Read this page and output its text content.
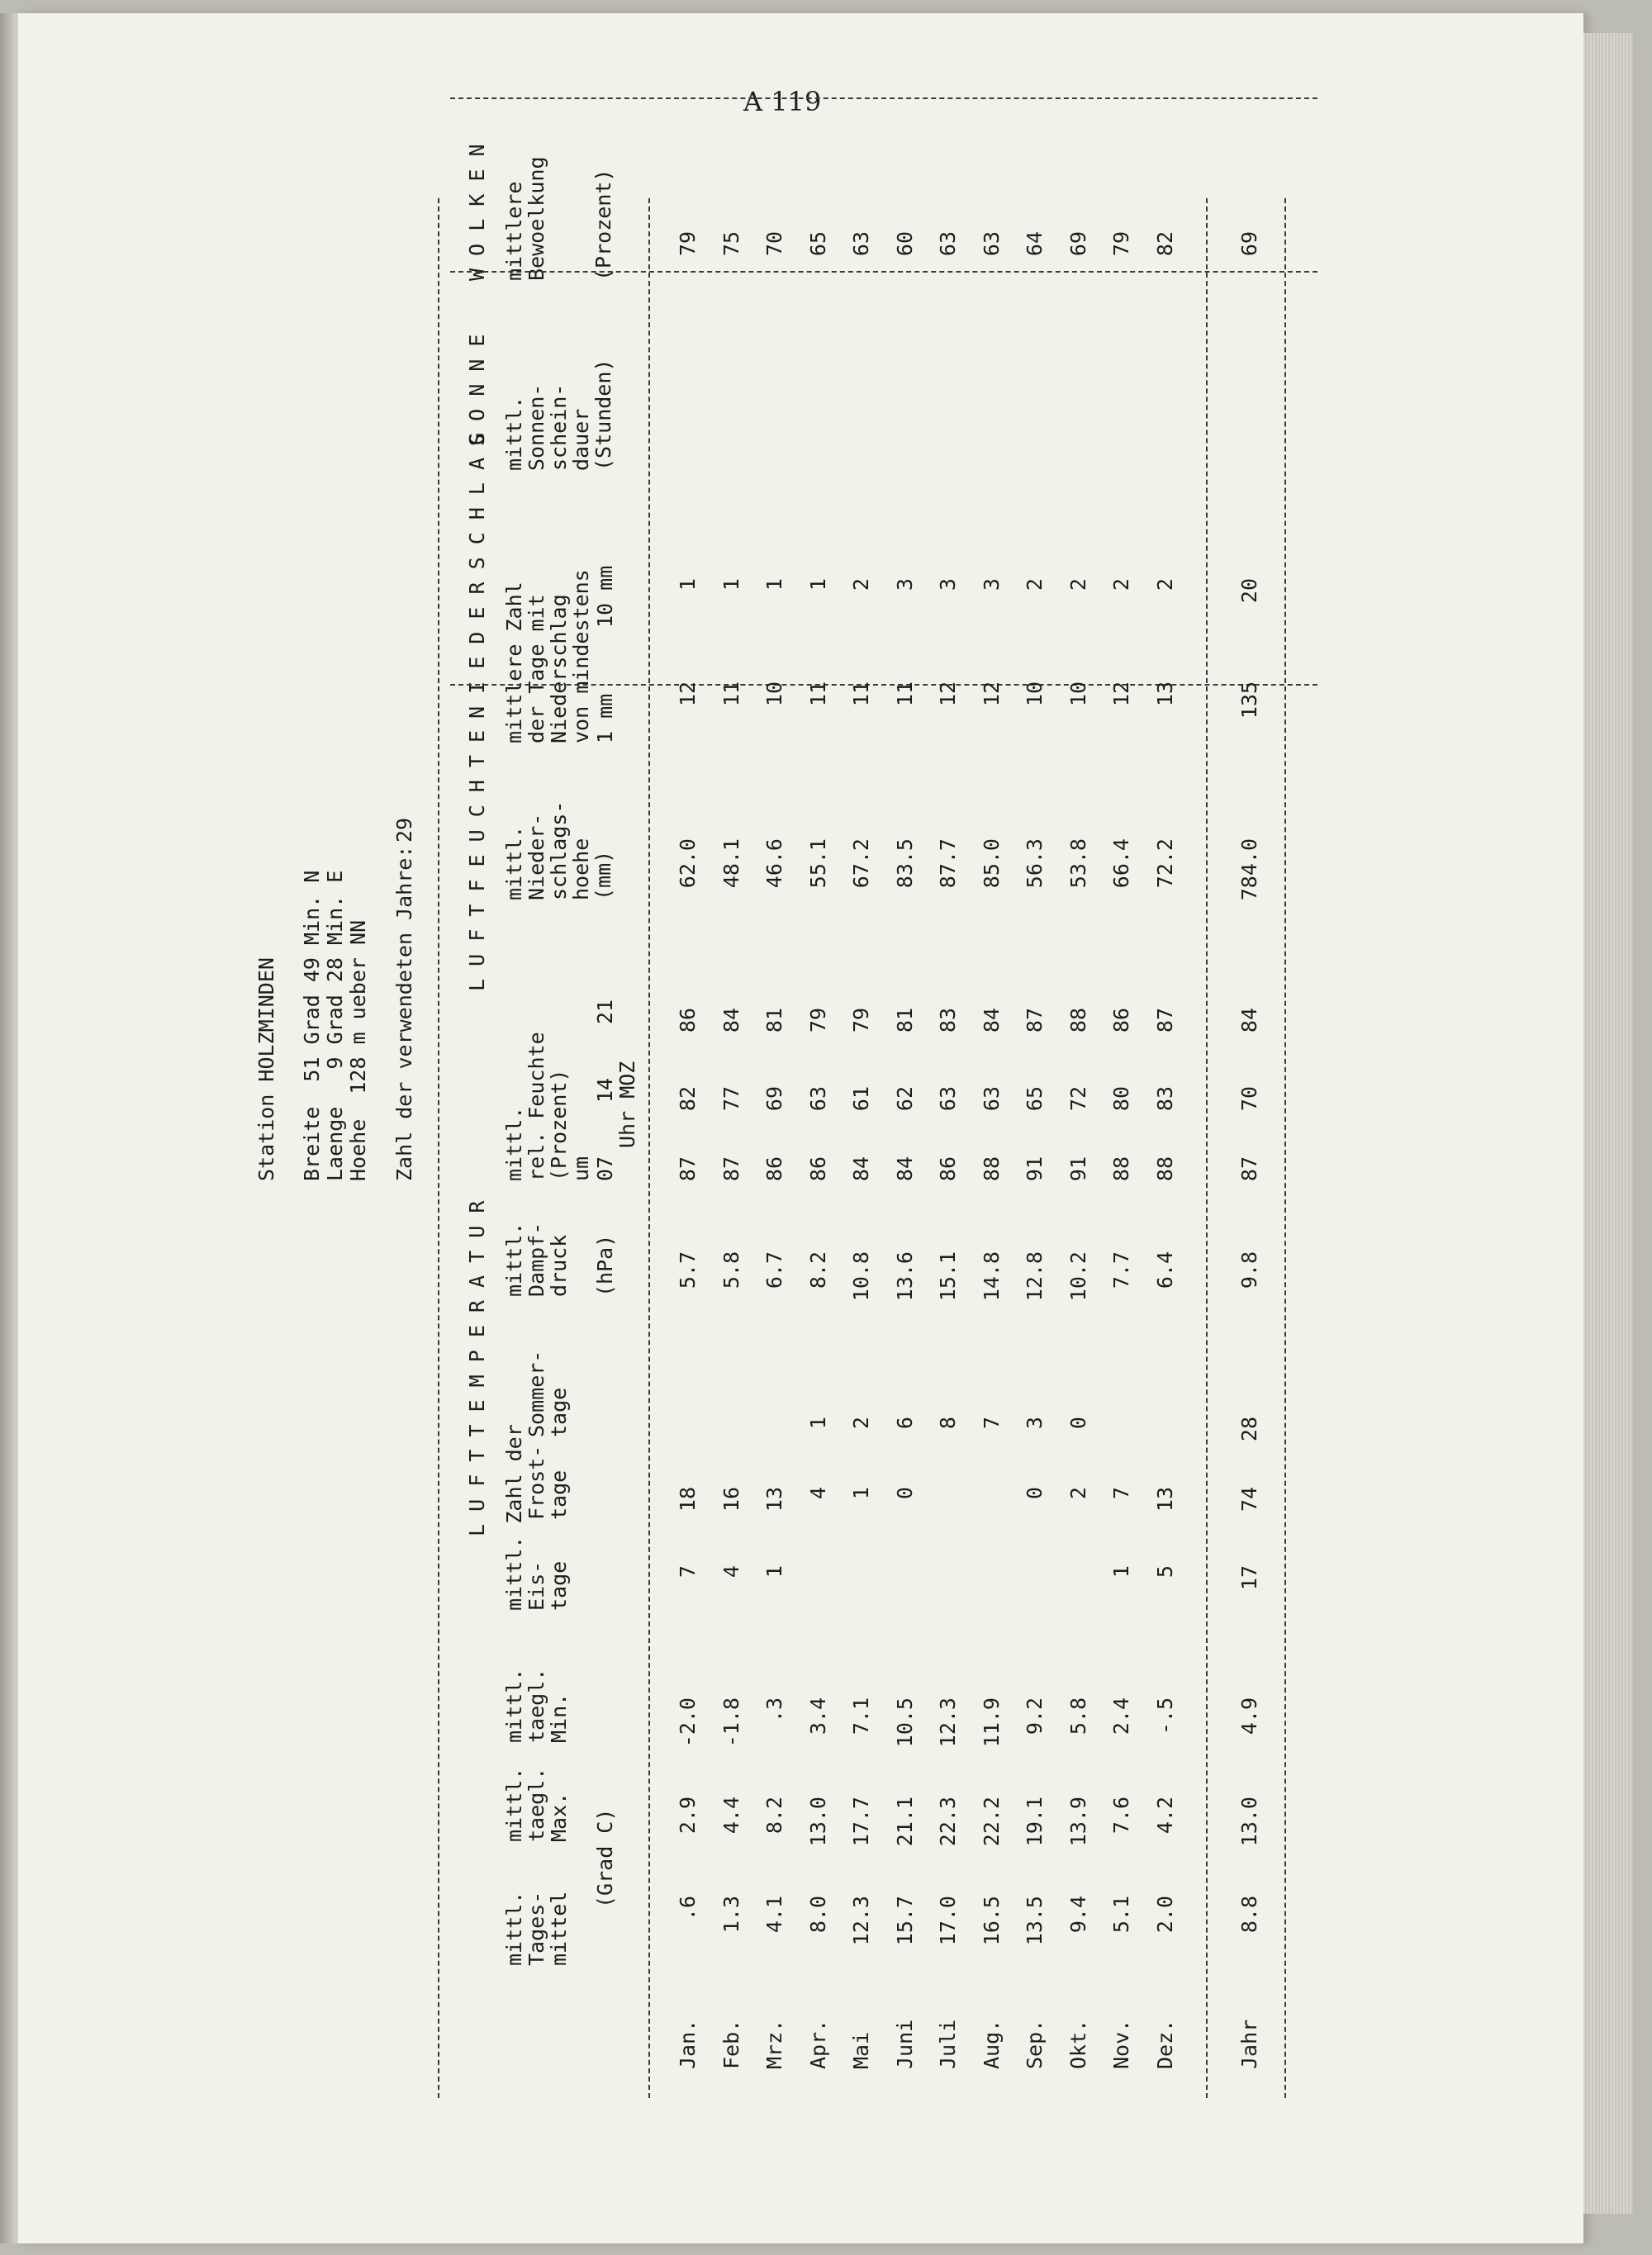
A 119
Station HOLZMINDEN Breite  51 Grad 49 Min. N Laenge   9 Grad 28 Min. E Hoehe  128 m ueber NN Zahl der verwendeten Jahre:
29
L U F T T E M P E R A T U R
L U F T F E U C H T E
N I E D E R S C H L A G
S O N N E
W O L K E N
mittl.
Tages-
mittel
mittl.
taegl.
Max.
mittl.
taegl.
Min.
(Grad C)
mittl. Zahl der
Eis-
tage
Frost-
tage
Sommer-
tage
mittl.
Dampf-
druck (hPa)
mittl.
rel. Feuchte
(Prozent)
um 07
14
21
Uhr MOZ
mittl.
Nieder-
schlags-
hoehe
(mm)
mittlere Zahl
der Tage mit
Niederschlag
von mindestens 1 mm
10 mm
mittl.
Sonnen-
schein-
dauer
(Stunden)
mittlere
Bewoelkung (Prozent)
Jan.
.6
2.9
-2.0
7
18
5.7
87
82
86
62.0
12
1
79
Feb.
1.3
4.4
-1.8
4
16
5.8
87
77
84
48.1
11
1
75
Mrz.
4.1
8.2
.3
1
13
6.7
86
69
81
46.6
10
1
70
Apr.
8.0
13.0
3.4
4
1
8.2
86
63
79
55.1
11
1
65
Mai
12.3
17.7
7.1
1
2
10.8
84
61
79
67.2
11
2
63
Juni
15.7
21.1
10.5
0
6
13.6
84
62
81
83.5
11
3
60
Juli
17.0
22.3
12.3
8
15.1
86
63
83
87.7
12
3
63
Aug.
16.5
22.2
11.9
7
14.8
88
63
84
85.0
12
3
63
Sep.
13.5
19.1
9.2
0
3
12.8
91
65
87
56.3
10
2
64
Okt.
9.4
13.9
5.8
2
0
10.2
91
72
88
53.8
10
2
69
Nov.
5.1
7.6
2.4
1
7
7.7
88
80
86
66.4
12
2
79
Dez.
2.0
4.2
-.5
5
13
6.4
88
83
87
72.2
13
2
82
Jahr
8.8
13.0
4.9
17
74
28
9.8
87
70
84
784.0
135
20
69
